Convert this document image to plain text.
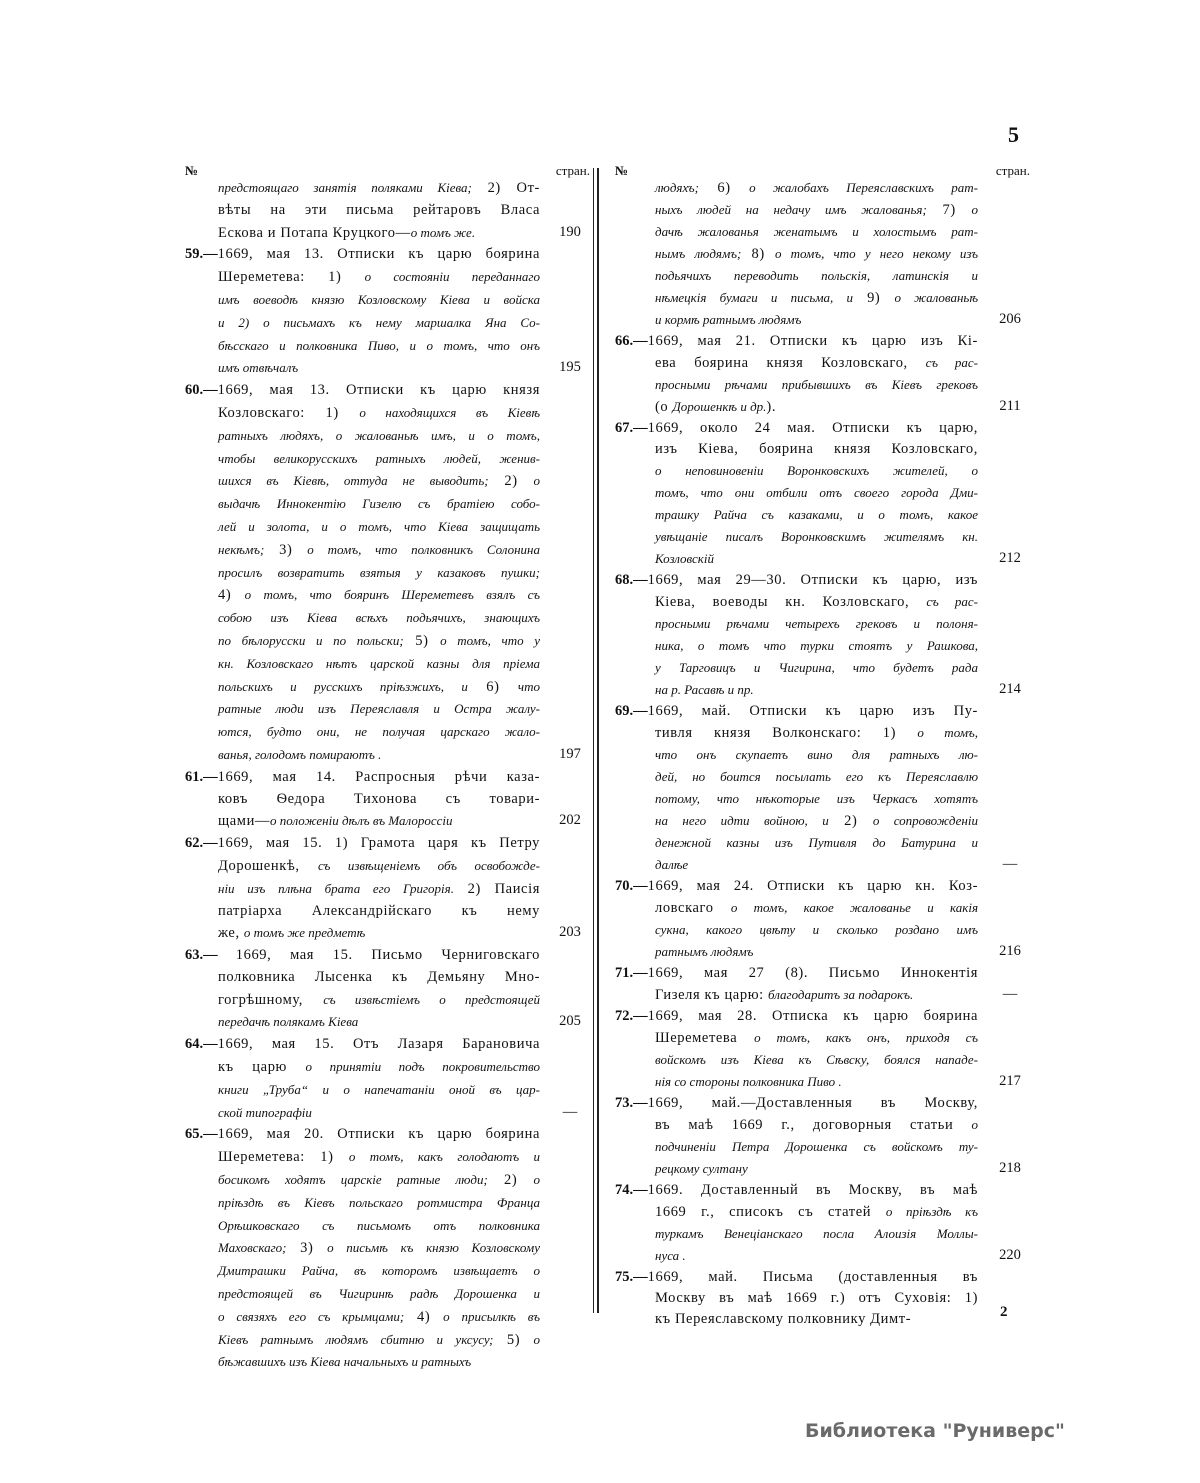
5
№	стран.
предстоящаго занятiя поляками Кiева; 2) От-
вѣты на эти письма рейтаровъ Власа
Ескова и Потапа Круцкого—о томъ же.	190
59.—1669, мая 13. Отписки къ царю боярина
Шереметева: 1) о состоянiи переданнаго
имъ воеводѣ князю Козловскому Кiева и войска
и 2) о письмахъ къ нему маршалка Яна Со-
бѣсскаго и полковника Пиво, и о томъ, что онъ
имъ отвѣчалъ	195
60.—1669, мая 13. Отписки къ царю князя
Козловскаго: 1) о находящихся въ Кiевѣ
ратныхъ людяхъ, о жалованьѣ имъ, и о томъ,
чтобы великорусскихъ ратныхъ людей, женив-
шихся въ Кiевѣ, оттуда не выводить; 2) о
выдачѣ Иннокентiю Гизелю съ братiею собо-
лей и золота, и о томъ, что Кiева защищать
некѣмъ; 3) о томъ, что полковникъ Солонина
просилъ возвратить взятыя у казаковъ пушки;
4) о томъ, что бояринъ Шереметевъ взялъ съ
собою изъ Кiева всѣхъ подьячихъ, знающихъ
по бѣлорусски и по польски; 5) о томъ, что у
кн. Козловскаго нѣтъ царской казны для прiема
польскихъ и русскихъ прiѣзжихъ, и 6) что
ратные люди изъ Переяславля и Остра жалу-
ются, будто они, не получая царскаго жало-
ванья, голодомъ помираютъ .	197
61.—1669, мая 14. Распросныя рѣчи каза-
ковъ Ѳедора Тихонова съ товари-
щами—о положенiи дѣлъ въ Малороссiи	202
62.—1669, мая 15. 1) Грамота царя къ Петру
Дорошенкѣ, съ извѣщенiемъ объ освобожде-
нiи изъ плѣна брата его Григорiя. 2) Паисiя
патрiарха Александрiйскаго къ нему
же, о томъ же предметѣ	203
63.— 1669, мая 15. Письмо Черниговскаго
полковника Лысенка къ Демьяну Мно-
гогрѣшному, съ извѣстiемъ о предстоящей
передачѣ полякамъ Кiева	205
64.—1669, мая 15. Отъ Лазаря Барановича
къ царю о принятiи подъ покровительство
книги „Труба“ и о напечатанiи оной въ цар-
ской типографiи	—
65.—1669, мая 20. Отписки къ царю боярина
Шереметева: 1) о томъ, какъ голодаютъ и
босикомъ ходятъ царскiе ратные люди; 2) о
прiѣздѣ въ Кiевъ польскаго ротмистра Франца
Орѣшковскаго съ письмомъ отъ полковника
Маховскаго; 3) о письмѣ къ князю Козловскому
Дмитрашки Райча, въ которомъ извѣщаетъ о
предстоящей въ Чигиринѣ радѣ Дорошенка и
о связяхъ его съ крымцами; 4) о присылкѣ въ
Кiевъ ратнымъ людямъ сбитню и уксусу; 5) о
бѣжавшихъ изъ Кiева начальныхъ и ратныхъ
№	стран.
людяхъ; 6) о жалобахъ Переяславскихъ рат-
ныхъ людей на недачу имъ жалованья; 7) о
дачѣ жалованья женатымъ и холостымъ рат-
нымъ людямъ; 8) о томъ, что у него некому изъ
подьячихъ переводить польскiя, латинскiя и
нѣмецкiя бумаги и письма, и 9) о жалованьѣ
и кормѣ ратнымъ людямъ	206
66.—1669, мая 21. Отписки къ царю изъ Кi-
ева боярина князя Козловскаго, съ рас-
просными рѣчами прибывшихъ въ Кiевъ грековъ
(о Дорошенкѣ и др.).	211
67.—1669, около 24 мая. Отписки къ царю,
изъ Кiева, боярина князя Козловскаго,
о неповиновенiи Воронковскихъ жителей, о
томъ, что они отбили отъ своего города Дми-
трашку Райча съ казаками, и о томъ, какое
увѣщанiе писалъ Воронковскимъ жителямъ кн.
Козловскiй	212
68.—1669, мая 29—30. Отписки къ царю, изъ
Кiева, воеводы кн. Козловскаго, съ рас-
просными рѣчами четырехъ грековъ и полоня-
ника, о томъ что турки стоятъ у Рашкова,
у Тарговицъ и Чигирина, что будетъ рада
на р. Расавѣ и пр.	214
69.—1669, май. Отписки къ царю изъ Пу-
тивля князя Волконскаго: 1) о томъ,
что онъ скупаетъ вино для ратныхъ лю-
дей, но боится посылать его къ Переяславлю
потому, что нѣкоторые изъ Черкасъ хотятъ
на него идти войною, и 2) о сопровожденiи
денежной казны изъ Путивля до Батурина и
далѣе	—
70.—1669, мая 24. Отписки къ царю кн. Коз-
ловскаго о томъ, какое жалованье и какiя
сукна, какого цвѣту и сколько роздано имъ
ратнымъ людямъ	216
71.—1669, мая 27 (8). Письмо Иннокентiя
Гизеля къ царю: благодаритъ за подарокъ.	—
72.—1669, мая 28. Отписка къ царю боярина
Шереметева о томъ, какъ онъ, приходя съ
войскомъ изъ Кiева къ Сѣвску, боялся нападе-
нiя со стороны полковника Пиво .	217
73.—1669, май.—Доставленныя въ Москву,
въ маѣ 1669 г., договорныя статьи о
подчиненiи Петра Дорошенка съ войскомъ ту-
рецкому султану	218
74.—1669. Доставленный въ Москву, въ маѣ
1669 г., списокъ съ статей о прiѣздѣ къ
туркамъ Венецiанскаго посла Алоизiя Моллы-
нуса .	220
75.—1669, май. Письма (доставленныя въ
Москву въ маѣ 1669 г.) отъ Суховiя: 1)
къ Переяславскому полковнику Димт-	2
Библиотека "Руниверс"
